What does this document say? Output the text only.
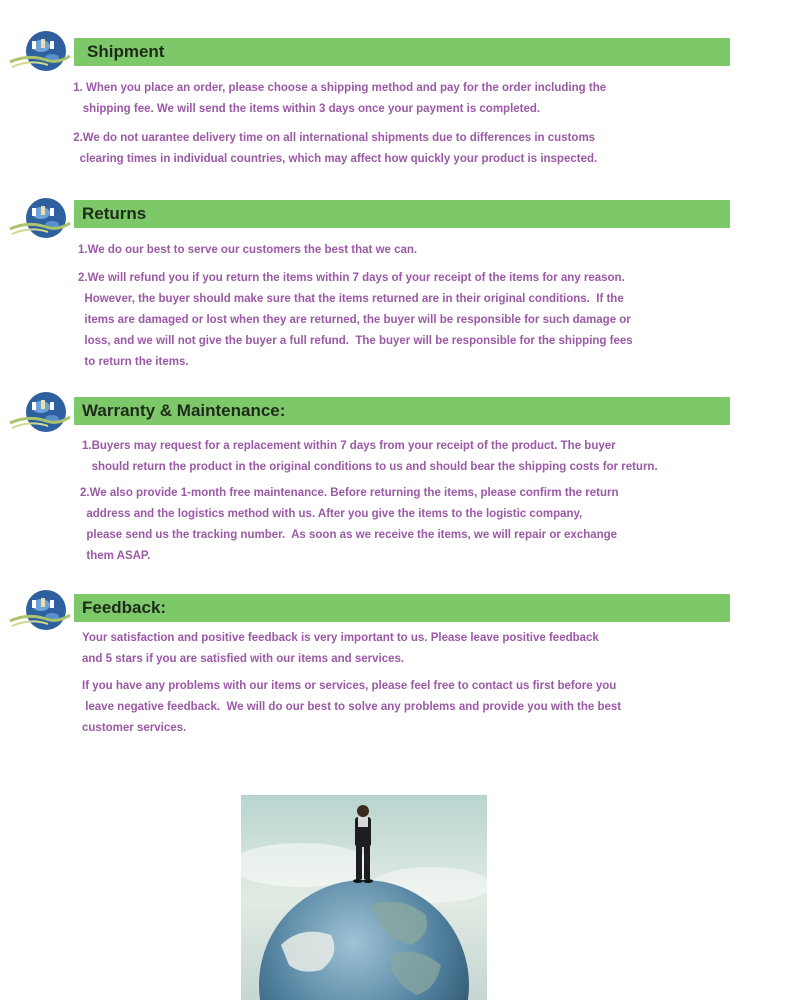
Shipment

1. When you place an order, please choose a shipping method and pay for the order including the
shipping fee. We will send the items within 3 days once your payment is completed.

2.We do not uarantee delivery time on all international shipments due to differences in customs
clearing times in individual countries, which may affect how quickly your product is inspected.

Returns

1.We do our best to serve our customers the best that we can.

2.We will refund you if you return the items within 7 days of your receipt of the items for any reason.
However, the buyer should make sure that the items returned are in their original conditions.  If the
items are damaged or lost when they are returned, the buyer will be responsible for such damage or
loss, and we will not give the buyer a full refund.  The buyer will be responsible for the shipping fees
to return the items.

Warranty & Maintenance:

1.Buyers may request for a replacement within 7 days from your receipt of the product. The buyer
should return the product in the original conditions to us and should bear the shipping costs for return.

2.We also provide 1-month free maintenance. Before returning the items, please confirm the return
address and the logistics method with us. After you give the items to the logistic company,
please send us the tracking number.  As soon as we receive the items, we will repair or exchange
them ASAP.

Feedback:

Your satisfaction and positive feedback is very important to us. Please leave positive feedback
and 5 stars if you are satisfied with our items and services.

If you have any problems with our items or services, please feel free to contact us first before you
leave negative feedback.  We will do our best to solve any problems and provide you with the best
customer services.
